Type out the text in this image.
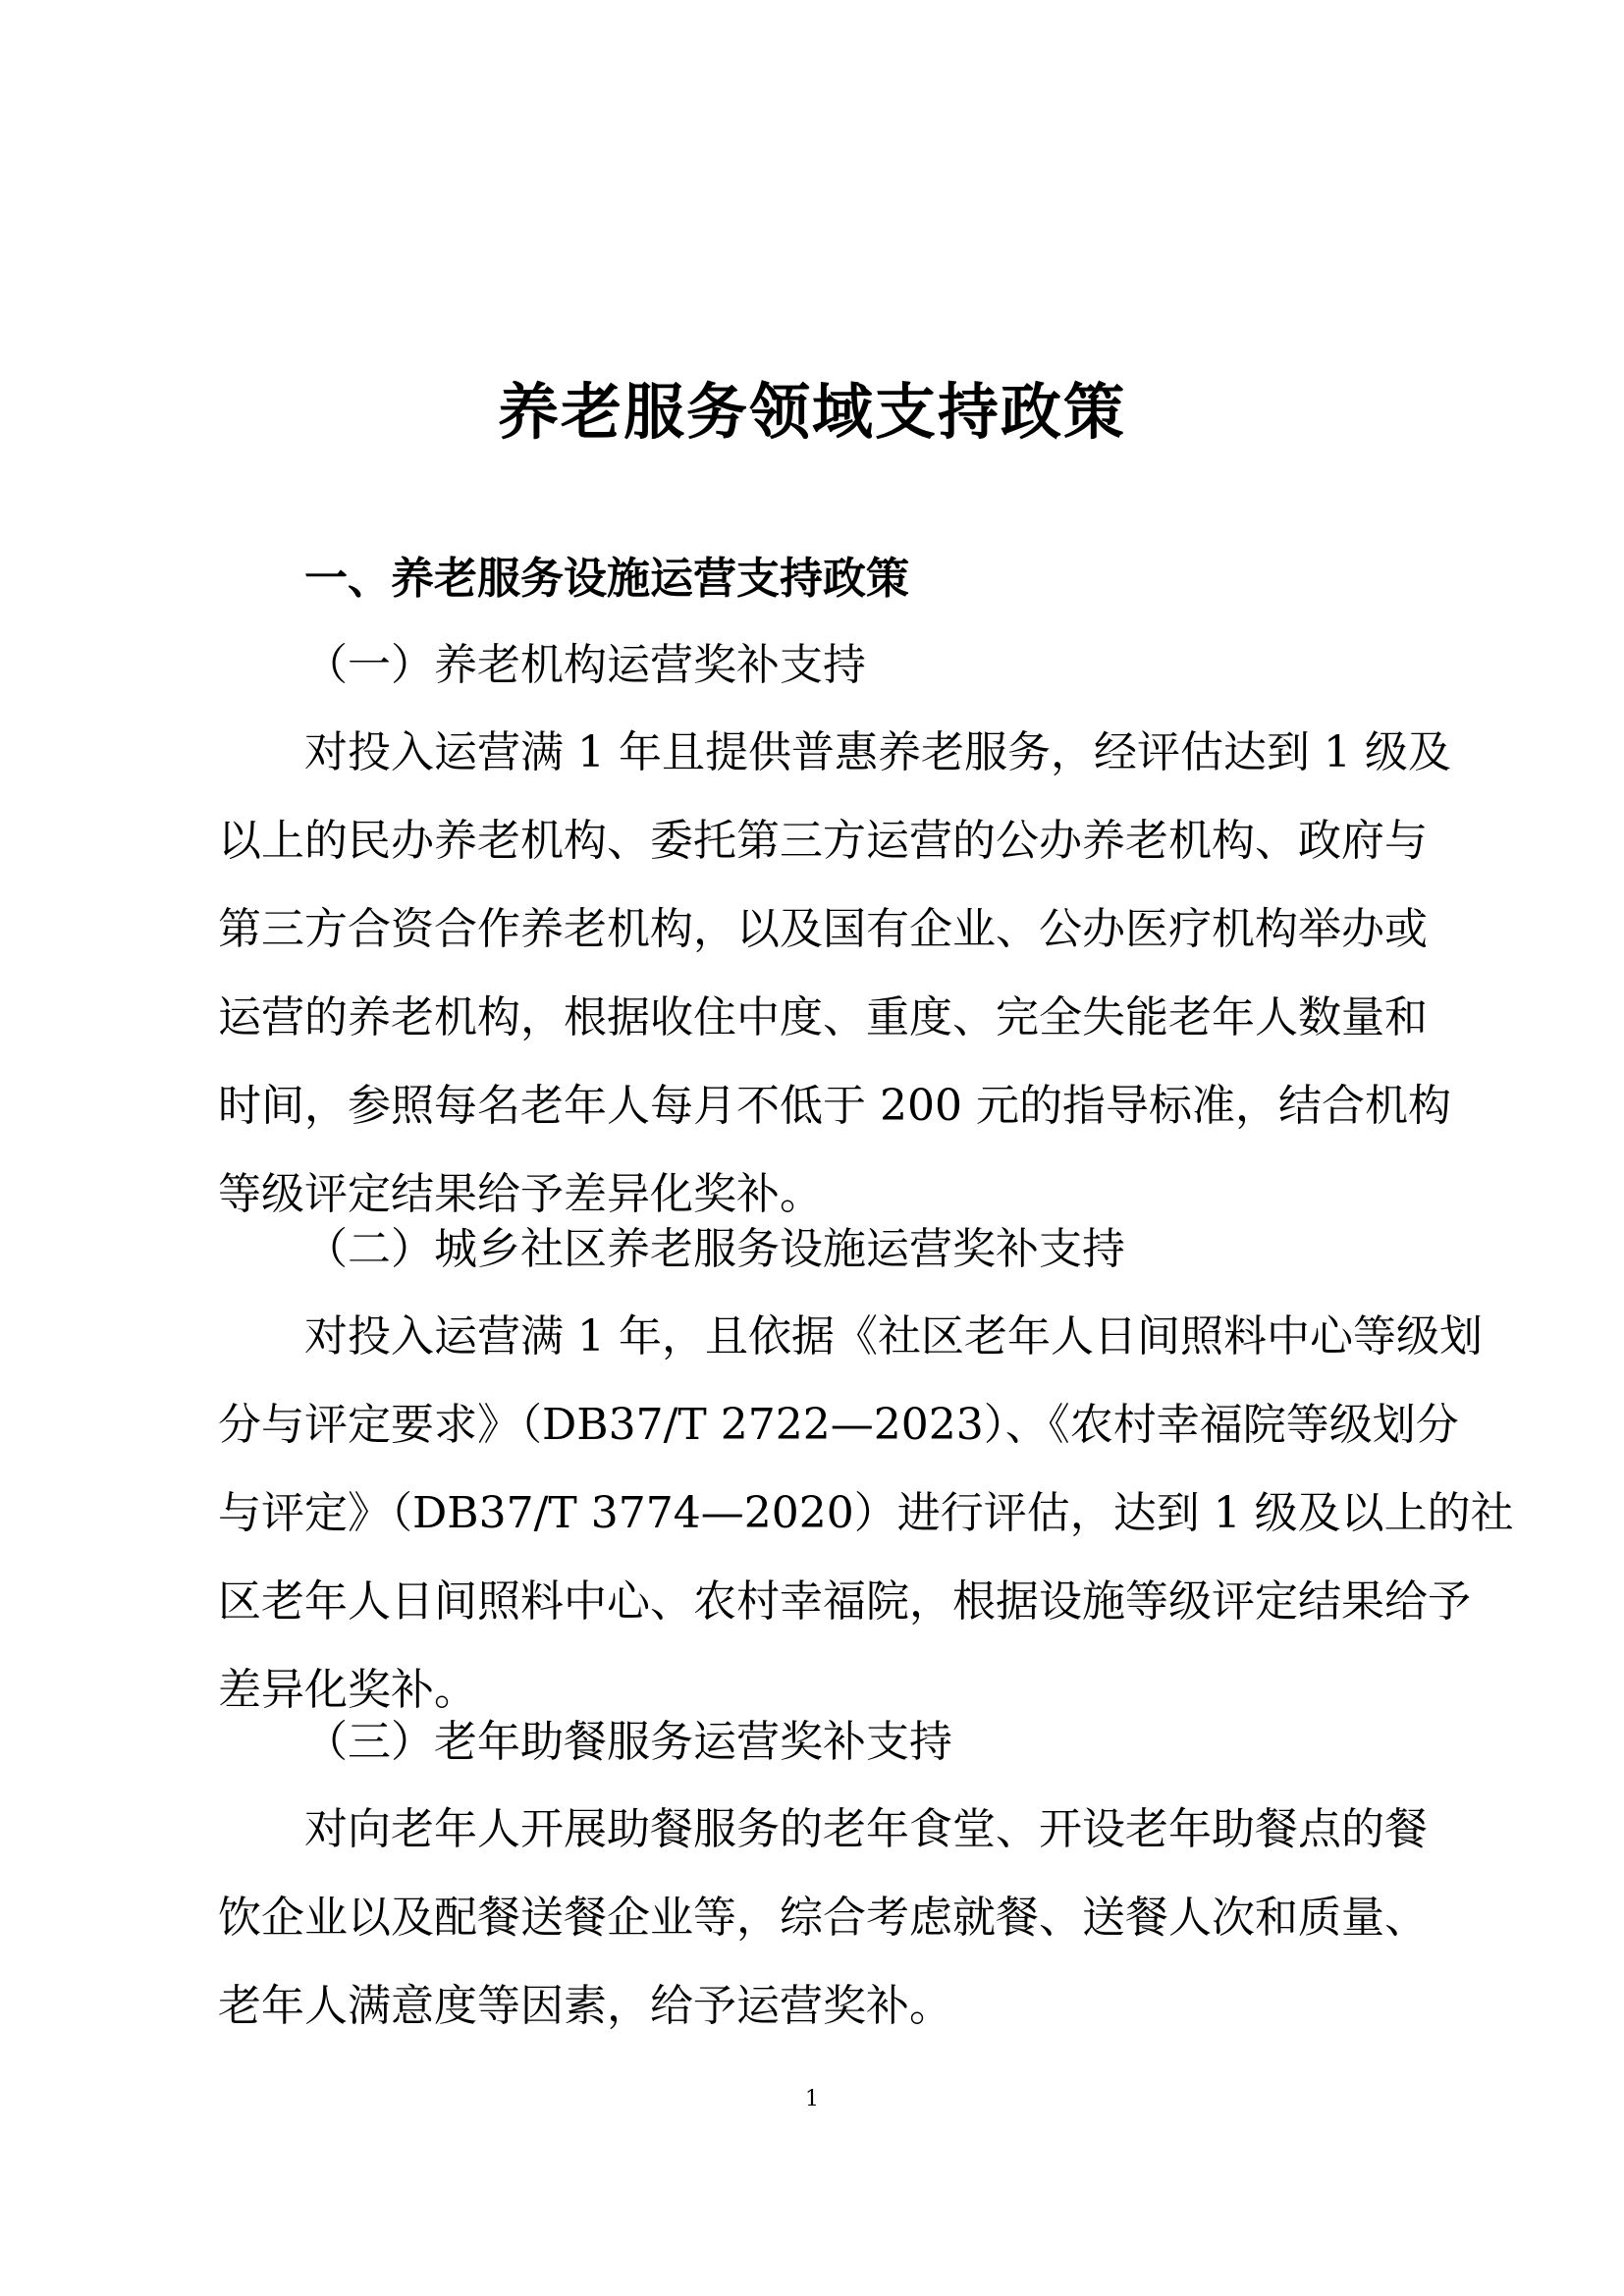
养老服务领域支持政策
一、养老服务设施运营支持政策
（一）养老机构运营奖补支持
对投入运营满 1 年且提供普惠养老服务，经评估达到 1 级及
以上的民办养老机构、委托第三方运营的公办养老机构、政府与
第三方合资合作养老机构，以及国有企业、公办医疗机构举办或
运营的养老机构，根据收住中度、重度、完全失能老年人数量和
时间，参照每名老年人每月不低于 200 元的指导标准，结合机构
等级评定结果给予差异化奖补。
（二）城乡社区养老服务设施运营奖补支持
对投入运营满 1 年，且依据《社区老年人日间照料中心等级划
分与评定要求》（DB37/T 2722—2023）、《农村幸福院等级划分
与评定》（DB37/T 3774—2020）进行评估，达到 1 级及以上的社
区老年人日间照料中心、农村幸福院，根据设施等级评定结果给予
差异化奖补。
（三）老年助餐服务运营奖补支持
对向老年人开展助餐服务的老年食堂、开设老年助餐点的餐
饮企业以及配餐送餐企业等，综合考虑就餐、送餐人次和质量、
老年人满意度等因素，给予运营奖补。
1
